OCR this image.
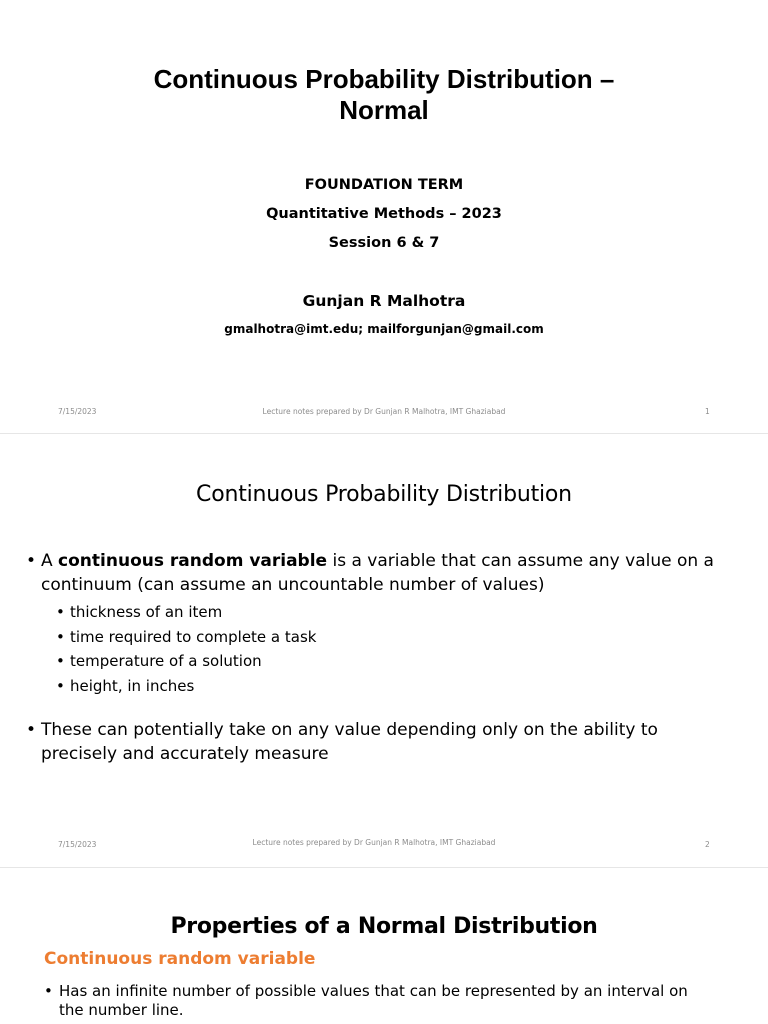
Continuous Probability Distribution –
Normal
FOUNDATION TERM
Quantitative Methods – 2023
Session 6 & 7
Gunjan R Malhotra
gmalhotra@imt.edu; mailforgunjan@gmail.com
7/15/2023	Lecture notes prepared by Dr Gunjan R Malhotra, IMT Ghaziabad	1
Continuous Probability Distribution
• A continuous random variable is a variable that can assume any value on a
continuum (can assume an uncountable number of values)
• thickness of an item
• time required to complete a task
• temperature of a solution
• height, in inches
• These can potentially take on any value depending only on the ability to
precisely and accurately measure
7/15/2023	Lecture notes prepared by Dr Gunjan R Malhotra, IMT Ghaziabad	2
Properties of a Normal Distribution
Continuous random variable
• Has an infinite number of possible values that can be represented by an interval on
the number line.
